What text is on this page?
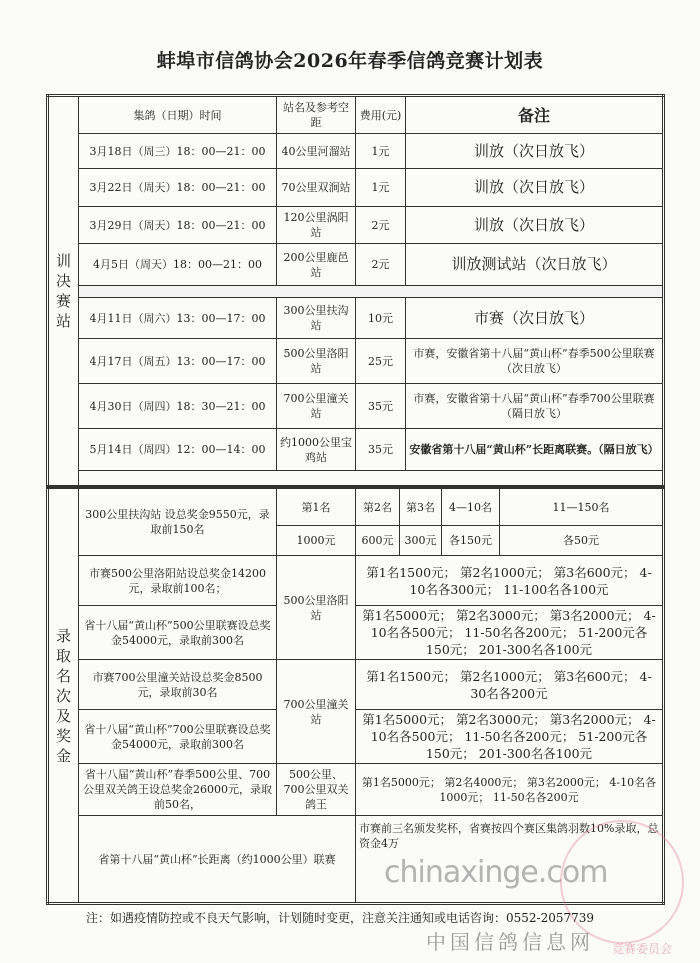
蚌埠市信鸽协会2026年春季信鸽竞赛计划表
训决赛站	集鸽（日期）时间	站名及参考空距	费用(元)	备注
	3月18日（周三）18：00—21：00	40公里河溜站	1元	训放（次日放飞）
	3月22日（周天）18：00—21：00	70公里双涧站	1元	训放（次日放飞）
	3月29日（周天）18：00—21：00	120公里涡阳站	2元	训放（次日放飞）
	4月5日（周天）18：00—21：00	200公里鹿邑站	2元	训放测试站（次日放飞）

	4月11日（周六）13：00—17：00	300公里扶沟站	10元	市赛（次日放飞）
	4月17日（周五）13：00—17：00	500公里洛阳站	25元	市赛，安徽省第十八届“黄山杯”春季500公里联赛（次日放飞）
	4月30日（周四）18：30—21：00	700公里潼关站	35元	市赛，安徽省第十八届“黄山杯”春季700公里联赛（隔日放飞）
	5月14日（周四）12：00—14：00	约1000公里宝鸡站	35元	安徽省第十八届“黄山杯”长距离联赛。（隔日放飞）

录取名次及奖金	300公里扶沟站 设总奖金9550元，录取前150名	第1名	第2名	第3名	4—10名	11—150名
		1000元	600元	300元	各150元	各50元
	市赛500公里洛阳站设总奖金14200元，录取前100名；	500公里洛阳站	第1名1500元； 第2名1000元； 第3名600元； 4-10名各300元； 11-100名各100元			
	省十八届“黄山杯”500公里联赛设总奖金54000元，录取前300名		第1名5000元； 第2名3000元； 第3名2000元； 4-10名各500元； 11-50名各200元； 51-200元各150元； 201-300名各100元			
	市赛700公里潼关站设总奖金8500元，录取前30名	700公里潼关站	第1名1500元； 第2名1000元； 第3名600元； 4-30名各200元			
	省十八届“黄山杯”700公里联赛设总奖金54000元，录取前300名		第1名5000元； 第2名3000元； 第3名2000元； 4-10名各500元； 11-50名各200元； 51-200元各150元； 201-300名各100元			
	省十八届“黄山杯”春季500公里、700公里双关鸽王设总奖金26000元，录取前50名，	500公里、700公里双关鸽王	第1名5000元； 第2名4000元； 第3名2000元； 4-10名各1000元； 11-50名各200元			
	省第十八届“黄山杯”长距离（约1000公里）联赛		市赛前三名颁发奖杯，省赛按四个赛区集鸽羽数10%录取，总资金4万			
chinaxinge.com
注：如遇疫情防控或不良天气影响，计划随时变更，注意关注通知或电话咨询：0552-2057739
中国信鸽信息网 竞赛委员会
